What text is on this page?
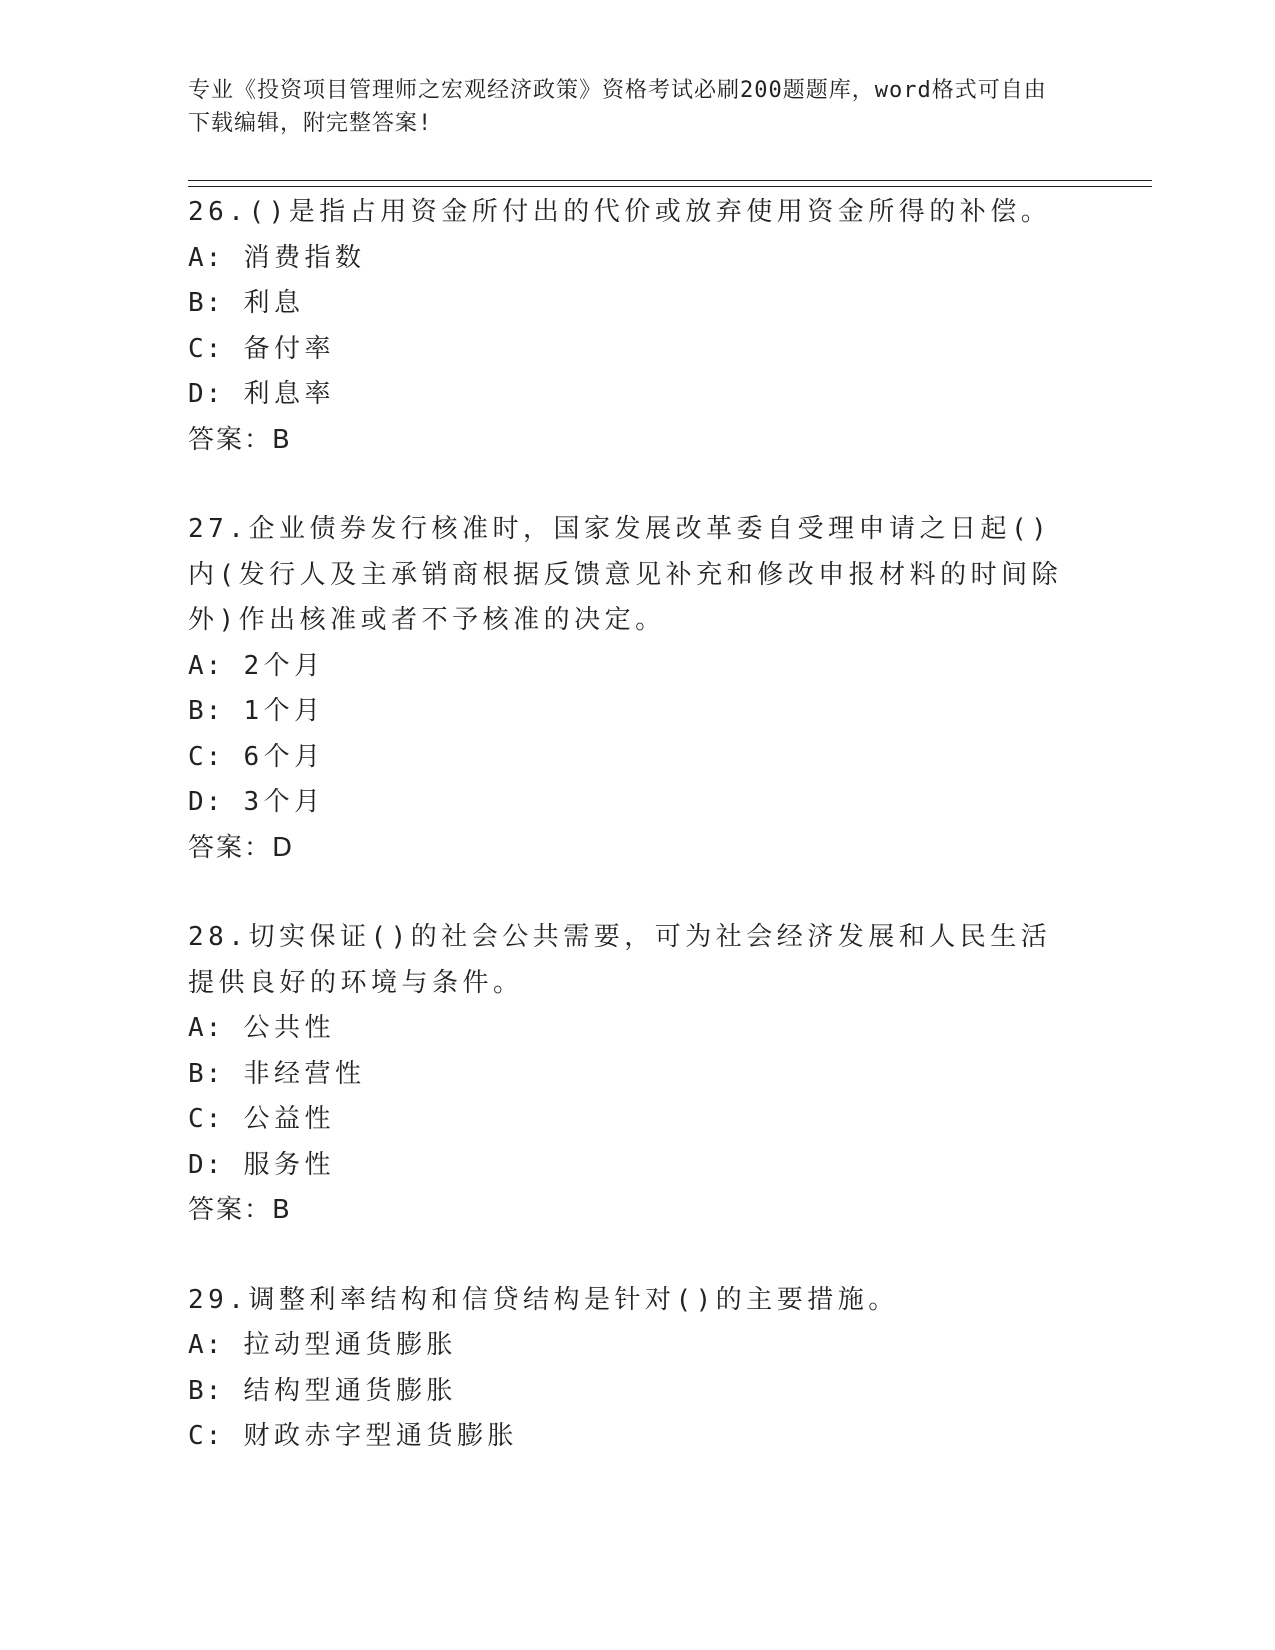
专业《投资项目管理师之宏观经济政策》资格考试必刷200题题库，word格式可自由下载编辑，附完整答案!
26.()是指占用资金所付出的代价或放弃使用资金所得的补偿。
A: 消费指数
B: 利息
C: 备付率
D: 利息率
答案：B
27.企业债券发行核准时，国家发展改革委自受理申请之日起()内(发行人及主承销商根据反馈意见补充和修改申报材料的时间除外)作出核准或者不予核准的决定。
A: 2个月
B: 1个月
C: 6个月
D: 3个月
答案：D
28.切实保证()的社会公共需要，可为社会经济发展和人民生活提供良好的环境与条件。
A: 公共性
B: 非经营性
C: 公益性
D: 服务性
答案：B
29.调整利率结构和信贷结构是针对()的主要措施。
A: 拉动型通货膨胀
B: 结构型通货膨胀
C: 财政赤字型通货膨胀
